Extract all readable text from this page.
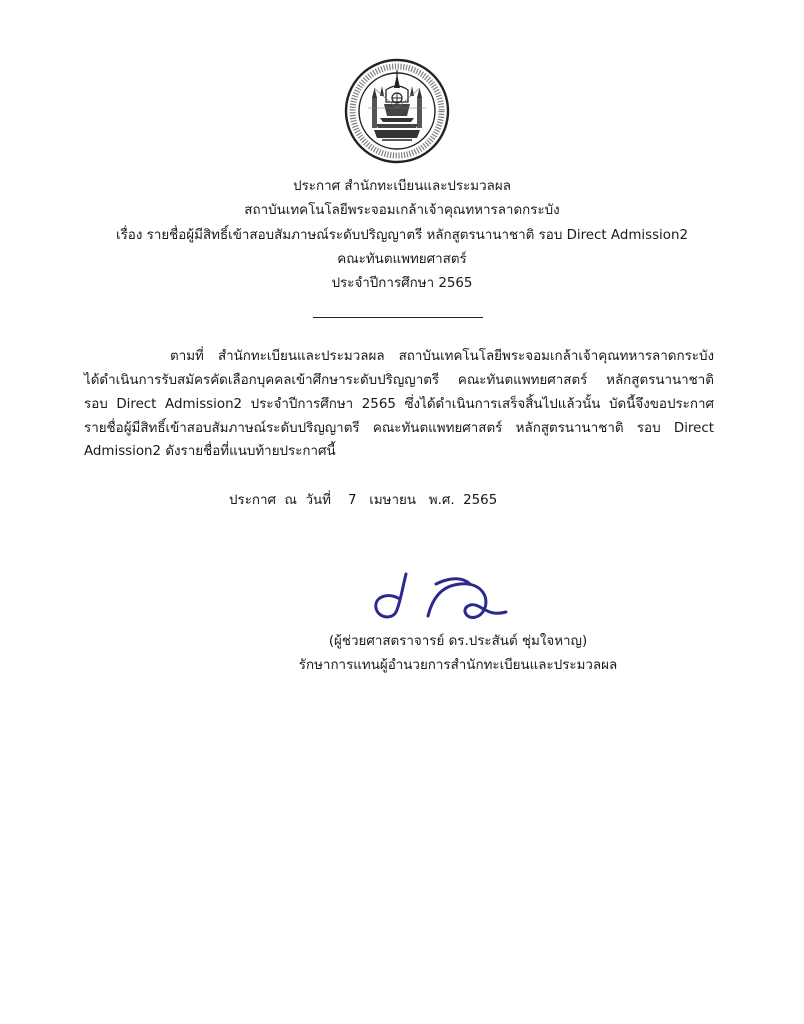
ประกาศ สำนักทะเบียนและประมวลผล
สถาบันเทคโนโลยีพระจอมเกล้าเจ้าคุณทหารลาดกระบัง
เรื่อง รายชื่อผู้มีสิทธิ์เข้าสอบสัมภาษณ์ระดับปริญญาตรี หลักสูตรนานาชาติ รอบ Direct Admission2
คณะทันตแพทยศาสตร์
ประจำปีการศึกษา 2565
ตามที่ สำนักทะเบียนและประมวลผล สถาบันเทคโนโลยีพระจอมเกล้าเจ้าคุณทหารลาดกระบัง
ได้ดำเนินการรับสมัครคัดเลือกบุคคลเข้าศึกษาระดับปริญญาตรี คณะทันตแพทยศาสตร์ หลักสูตรนานาชาติ
รอบ Direct Admission2 ประจำปีการศึกษา 2565 ซึ่งได้ดำเนินการเสร็จสิ้นไปแล้วนั้น บัดนี้จึงขอประกาศ
รายชื่อผู้มีสิทธิ์เข้าสอบสัมภาษณ์ระดับปริญญาตรี คณะทันตแพทยศาสตร์ หลักสูตรนานาชาติ รอบ Direct
Admission2 ดังรายชื่อที่แนบท้ายประกาศนี้
ประกาศ  ณ  วันที่    7   เมษายน   พ.ศ.  2565
(ผู้ช่วยศาสตราจารย์ ดร.ประสันต์ ชุ่มใจหาญ)
รักษาการแทนผู้อำนวยการสำนักทะเบียนและประมวลผล
